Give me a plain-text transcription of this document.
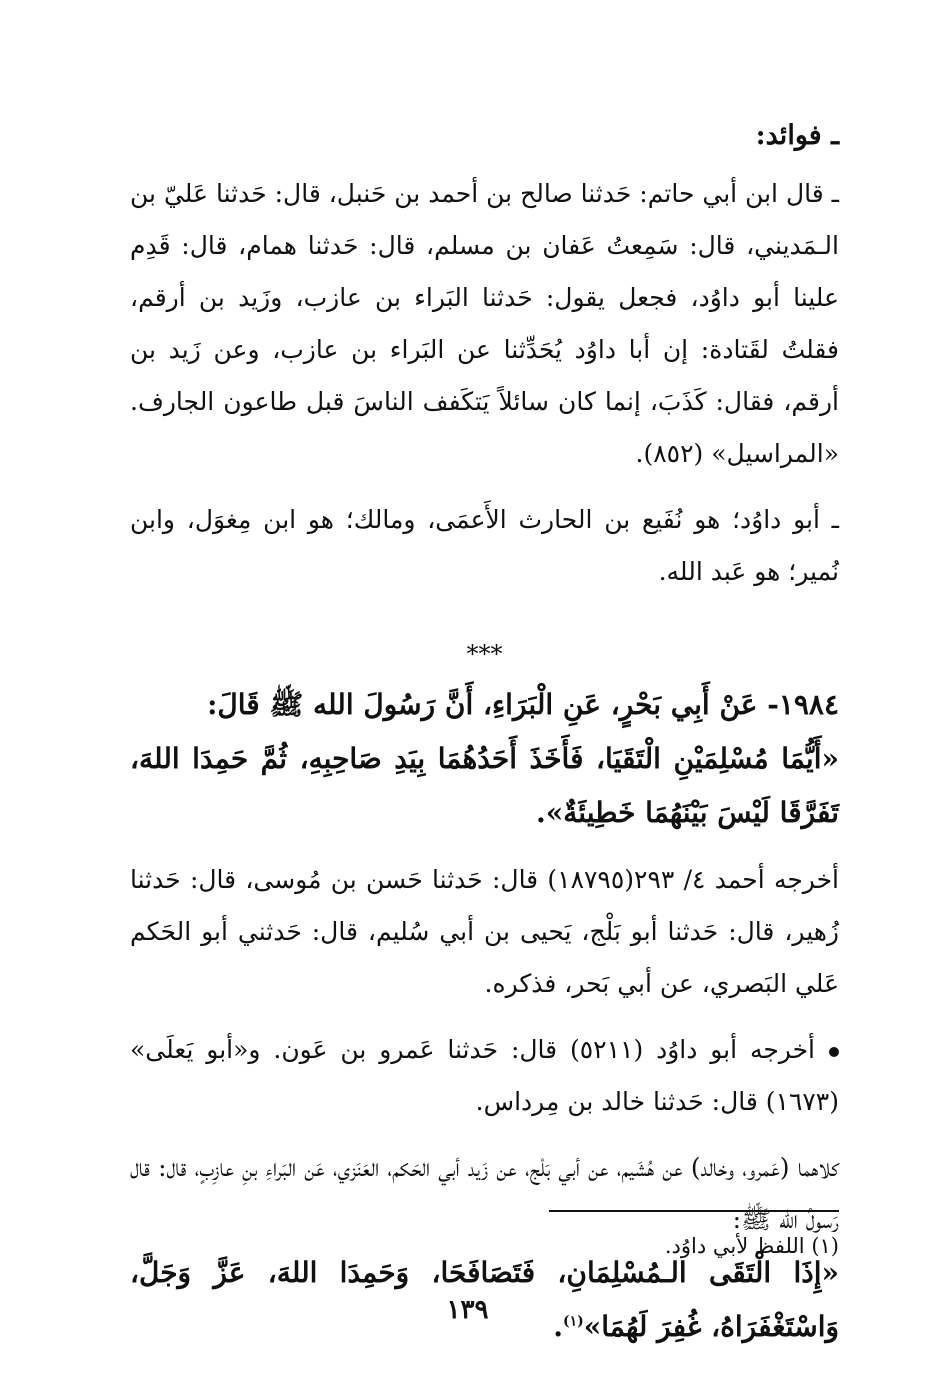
ـ فوائد:

ـ قال ابن أبي حاتم: حَدثنا صالح بن أحمد بن حَنبل، قال: حَدثنا عَليّ بن الـمَديني، قال: سَمِعتُ عَفان بن مسلم، قال: حَدثنا همام، قال: قَدِم علينا أبو داوُد، فجعل يقول: حَدثنا البَراء بن عازب، وزَيد بن أرقم، فقلتُ لقَتادة: إن أبا داوُد يُحَدِّثنا عن البَراء بن عازب، وعن زَيد بن أرقم، فقال: كَذَبَ، إنما كان سائلاً يَتكَفف الناسَ قبل طاعون الجارف. «المراسيل» (٨٥٢).

ـ أبو داوُد؛ هو نُفَيع بن الحارث الأَعمَى، ومالك؛ هو ابن مِغوَل، وابن نُمير؛ هو عَبد الله.

***

١٩٨٤- عَنْ أَبِي بَحْرٍ، عَنِ الْبَرَاءِ، أَنَّ رَسُولَ الله ﷺ قَالَ:

«أَيُّمَا مُسْلِمَيْنِ الْتَقَيَا، فَأَخَذَ أَحَدُهُمَا بِيَدِ صَاحِبِهِ، ثُمَّ حَمِدَا اللهَ، تَفَرَّقَا لَيْسَ بَيْنَهُمَا خَطِيئَةٌ».

أخرجه أحمد ٤/ ٢٩٣(١٨٧٩٥) قال: حَدثنا حَسن بن مُوسى، قال: حَدثنا زُهير، قال: حَدثنا أبو بَلْج، يَحيى بن أبي سُليم، قال: حَدثني أبو الحَكم عَلي البَصري، عن أبي بَحر، فذكره.

أخرجه أبو داوُد (٥٢١١) قال: حَدثنا عَمرو بن عَون. و«أبو يَعلَى» (١٦٧٣) قال: حَدثنا خالد بن مِرداس.

كلاهما (عَمرو، وخالد) عن هُشَيم، عن أبي بَلْج، عن زَيد أبي الحَكم، العَنَزي، عَن البَراءِ بنِ عازِبٍ، قال: قال رَسولُ الله ﷺ:

«إِذَا الْتَقَى الـمُسْلِمَانِ، فَتَصَافَحَا، وَحَمِدَا اللهَ، عَزَّ وَجَلَّ، وَاسْتَغْفَرَاهُ، غُفِرَ لَهُمَا»$^{(١)}$.

(١) اللفظ لأبي داوُد.
١٣٩
